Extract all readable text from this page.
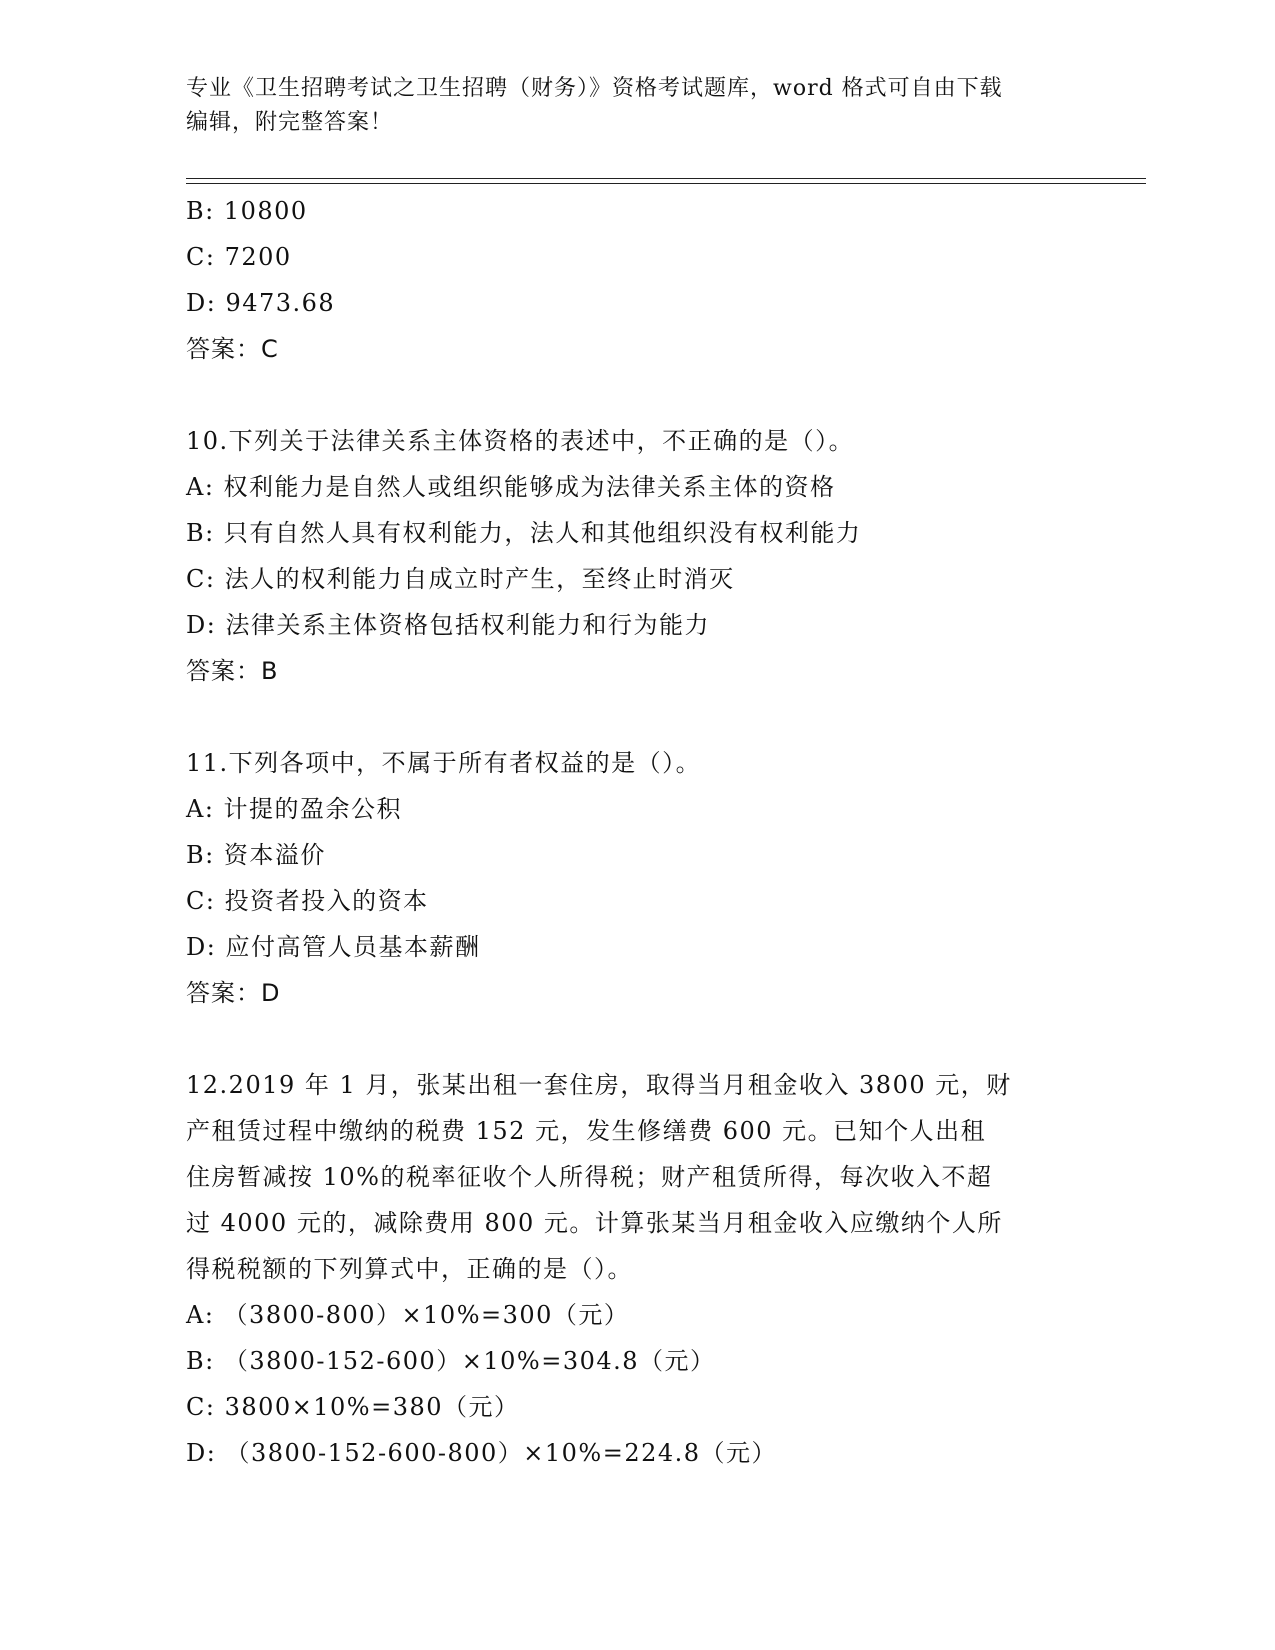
专业《卫生招聘考试之卫生招聘（财务）》资格考试题库，word 格式可自由下载
编辑，附完整答案！
B: 10800
C: 7200
D: 9473.68
答案：C
10.下列关于法律关系主体资格的表述中，不正确的是（）。
A: 权利能力是自然人或组织能够成为法律关系主体的资格
B: 只有自然人具有权利能力，法人和其他组织没有权利能力
C: 法人的权利能力自成立时产生，至终止时消灭
D: 法律关系主体资格包括权利能力和行为能力
答案：B
11.下列各项中，不属于所有者权益的是（）。
A: 计提的盈余公积
B: 资本溢价
C: 投资者投入的资本
D: 应付高管人员基本薪酬
答案：D
12.2019 年 1 月，张某出租一套住房，取得当月租金收入 3800 元，财
产租赁过程中缴纳的税费 152 元，发生修缮费 600 元。已知个人出租
住房暂减按 10%的税率征收个人所得税；财产租赁所得，每次收入不超
过 4000 元的，减除费用 800 元。计算张某当月租金收入应缴纳个人所
得税税额的下列算式中，正确的是（）。
A: （3800-800）×10%=300（元）
B: （3800-152-600）×10%=304.8（元）
C: 3800×10%=380（元）
D: （3800-152-600-800）×10%=224.8（元）
